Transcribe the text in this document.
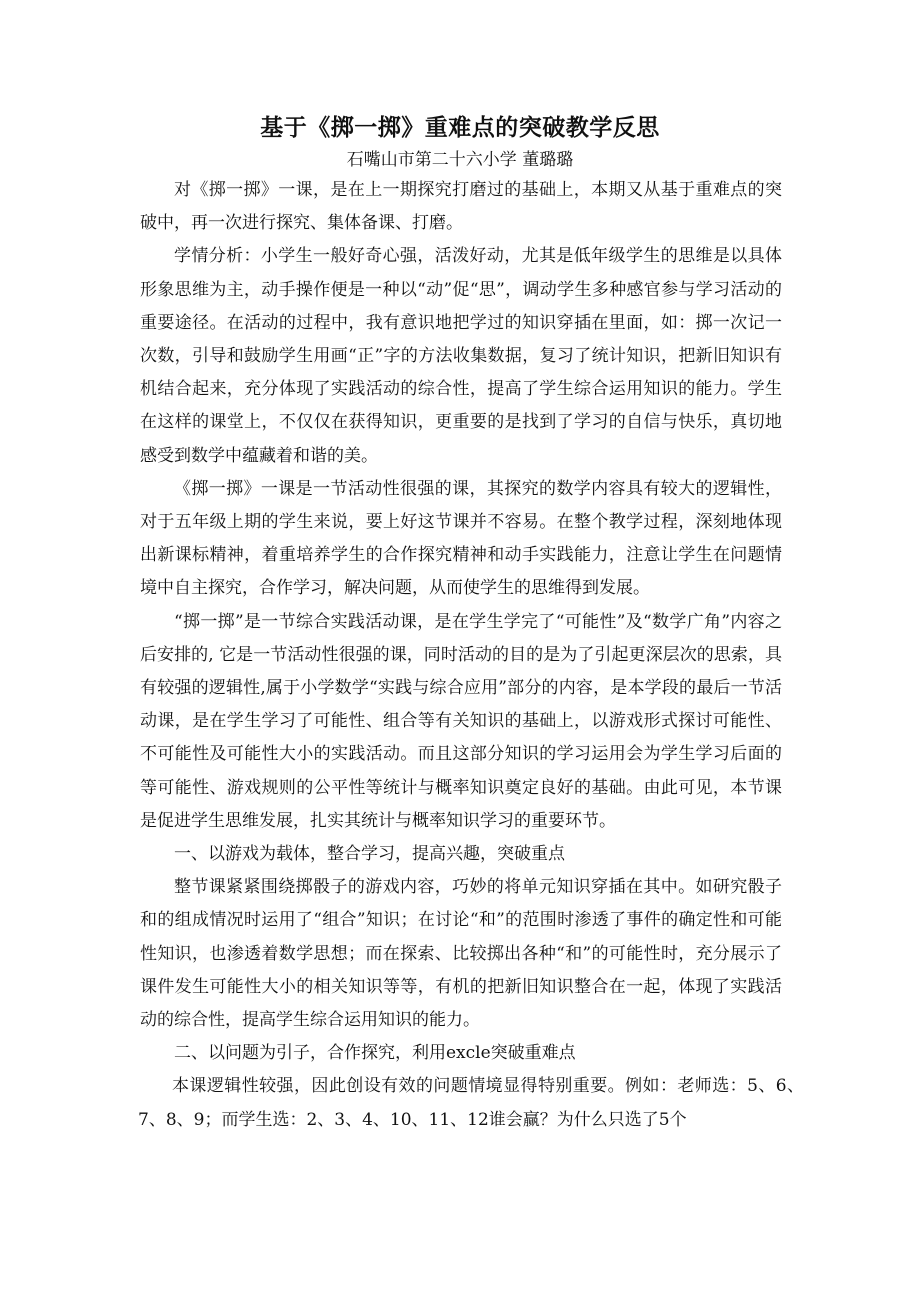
基于《掷一掷》重难点的突破教学反思
石嘴山市第二十六小学 董璐璐

对《掷一掷》一课，是在上一期探究打磨过的基础上，本期又从基于重难点的突破中，再一次进行探究、集体备课、打磨。

学情分析：小学生一般好奇心强，活泼好动，尤其是低年级学生的思维是以具体形象思维为主，动手操作便是一种以“动”促“思”，调动学生多种感官参与学习活动的重要途径。在活动的过程中，我有意识地把学过的知识穿插在里面，如：掷一次记一次数，引导和鼓励学生用画“正”字的方法收集数据，复习了统计知识，把新旧知识有机结合起来，充分体现了实践活动的综合性，提高了学生综合运用知识的能力。学生在这样的课堂上，不仅仅在获得知识，更重要的是找到了学习的自信与快乐，真切地感受到数学中蕴藏着和谐的美。

《掷一掷》一课是一节活动性很强的课，其探究的数学内容具有较大的逻辑性，对于五年级上期的学生来说，要上好这节课并不容易。在整个教学过程，深刻地体现出新课标精神，着重培养学生的合作探究精神和动手实践能力，注意让学生在问题情境中自主探究，合作学习，解决问题，从而使学生的思维得到发展。

“掷一掷”是一节综合实践活动课，是在学生学完了“可能性”及“数学广角”内容之后安排的, 它是一节活动性很强的课，同时活动的目的是为了引起更深层次的思索，具有较强的逻辑性,属于小学数学“实践与综合应用”部分的内容，是本学段的最后一节活动课，是在学生学习了可能性、组合等有关知识的基础上，以游戏形式探讨可能性、不可能性及可能性大小的实践活动。而且这部分知识的学习运用会为学生学习后面的等可能性、游戏规则的公平性等统计与概率知识奠定良好的基础。由此可见，本节课是促进学生思维发展，扎实其统计与概率知识学习的重要环节。

一、以游戏为载体，整合学习，提高兴趣，突破重点

整节课紧紧围绕掷骰子的游戏内容，巧妙的将单元知识穿插在其中。如研究骰子和的组成情况时运用了“组合”知识；在讨论“和”的范围时渗透了事件的确定性和可能性知识，也渗透着数学思想；而在探索、比较掷出各种“和”的可能性时，充分展示了课件发生可能性大小的相关知识等等，有机的把新旧知识整合在一起，体现了实践活动的综合性，提高学生综合运用知识的能力。

二、以问题为引子，合作探究，利用excle突破重难点

本课逻辑性较强，因此创设有效的问题情境显得特别重要。例如：老师选：5、6、7、8、9；而学生选：2、3、4、10、11、12谁会赢？为什么只选了5个
